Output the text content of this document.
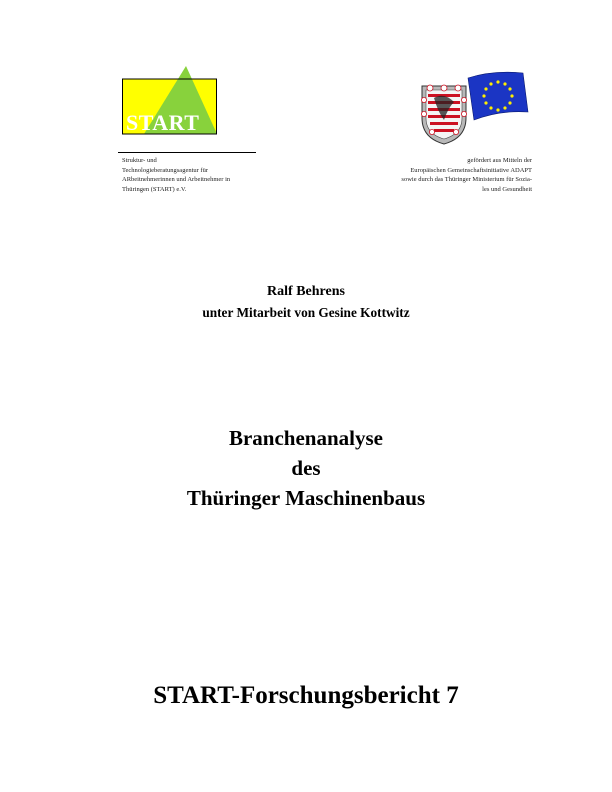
START
Struktur- und
Technologieberatungsagentur für
ARbeitnehmerinnen und Arbeitnehmer in
Thüringen (START) e.V.
gefördert aus Mitteln der
Europäischen Gemeinschaftsinitiative ADAPT
sowie durch das Thüringer Ministerium für Sozia-
les und Gesundheit
Ralf Behrens
unter Mitarbeit von Gesine Kottwitz
Branchenanalyse
des
Thüringer Maschinenbaus
START-Forschungsbericht 7
